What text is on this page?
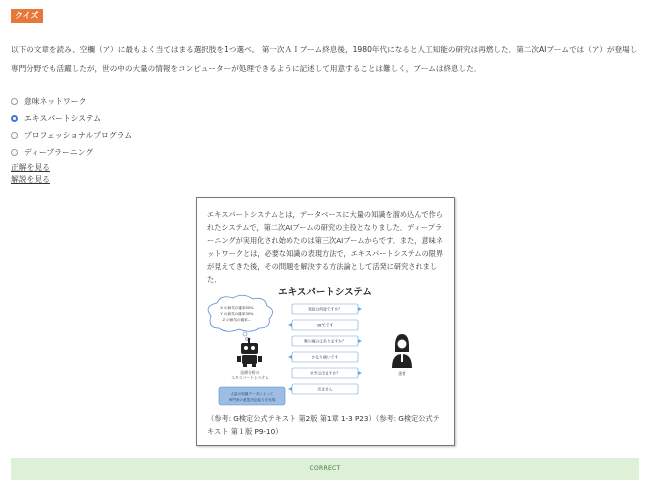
クイズ

以下の文章を読み、空欄（ア）に最もよく当てはまる選択肢を1つ選べ。 第一次ＡＩブーム終息後，1980年代になると人工知能の研究は再燃した．第二次AIブームでは（ア）が登場し専門分野でも活躍したが，世の中の大量の情報をコンピューターが処理できるように記述して用意することは難しく，ブームは終息した．

意味ネットワーク
エキスパートシステム
プロフェッショナルプログラム
ディープラーニング
正解を見る
解説を見る

エキスパートシステムとは，データベースに大量の知識を溜め込んで作られたシステムで，第二次AIブームの研究の主役となりました．ディープラーニングが実用化され始めたのは第三次AIブームからです．また，意味ネットワークとは，必要な知識の表現方法で，エキスパートシステムの限界が見えてきた後，その問題を解決する方法論として活発に研究されました．

エキスパートシステム
X の病気の確率50%
Y の病気の確率30%
Z の病気の確率…
医療分野の
エキスパートシステム
大量の知識データによって
専門家の意思決定能力を実現
発症は何度ですか？
38℃です
喉の痛みはありますか？
かなり痛いです
せきは出ますか？
出ません
患者

（参考: G検定公式テキスト 第2版 第1章 1-3 P23）（参考: G検定公式テキスト 第１版 P9-10）

CORRECT
